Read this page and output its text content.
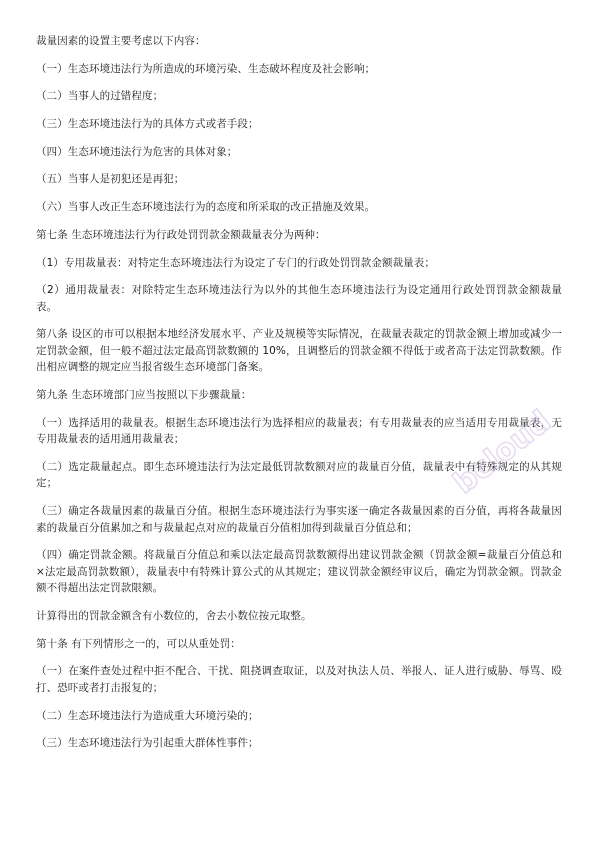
裁量因素的设置主要考虑以下内容：

（一）生态环境违法行为所造成的环境污染、生态破坏程度及社会影响；

（二）当事人的过错程度；

（三）生态环境违法行为的具体方式或者手段；

（四）生态环境违法行为危害的具体对象；

（五）当事人是初犯还是再犯；

（六）当事人改正生态环境违法行为的态度和所采取的改正措施及效果。

第七条 生态环境违法行为行政处罚罚款金额裁量表分为两种：

（1）专用裁量表：对特定生态环境违法行为设定了专门的行政处罚罚款金额裁量表；

（2）通用裁量表：对除特定生态环境违法行为以外的其他生态环境违法行为设定通用行政处罚罚款金额裁量表。

第八条 设区的市可以根据本地经济发展水平、产业及规模等实际情况，在裁量表裁定的罚款金额上增加或减少一定罚款金额，但一般不超过法定最高罚款数额的 10%，且调整后的罚款金额不得低于或者高于法定罚款数额。作出相应调整的规定应当报省级生态环境部门备案。

第九条 生态环境部门应当按照以下步骤裁量：

（一）选择适用的裁量表。根据生态环境违法行为选择相应的裁量表；有专用裁量表的应当适用专用裁量表，无专用裁量表的适用通用裁量表；

（二）选定裁量起点。即生态环境违法行为法定最低罚款数额对应的裁量百分值，裁量表中有特殊规定的从其规定；

（三）确定各裁量因素的裁量百分值。根据生态环境违法行为事实逐一确定各裁量因素的百分值，再将各裁量因素的裁量百分值累加之和与裁量起点对应的裁量百分值相加得到裁量百分值总和；

（四）确定罚款金额。将裁量百分值总和乘以法定最高罚款数额得出建议罚款金额（罚款金额=裁量百分值总和×法定最高罚款数额），裁量表中有特殊计算公式的从其规定；建议罚款金额经审议后，确定为罚款金额。罚款金额不得超出法定罚款限额。

计算得出的罚款金额含有小数位的，舍去小数位按元取整。

第十条 有下列情形之一的，可以从重处罚：

（一）在案件查处过程中拒不配合、干扰、阻挠调查取证，以及对执法人员、举报人、证人进行威胁、辱骂、殴打、恐吓或者打击报复的；

（二）生态环境违法行为造成重大环境污染的；

（三）生态环境违法行为引起重大群体性事件；

bcloud
